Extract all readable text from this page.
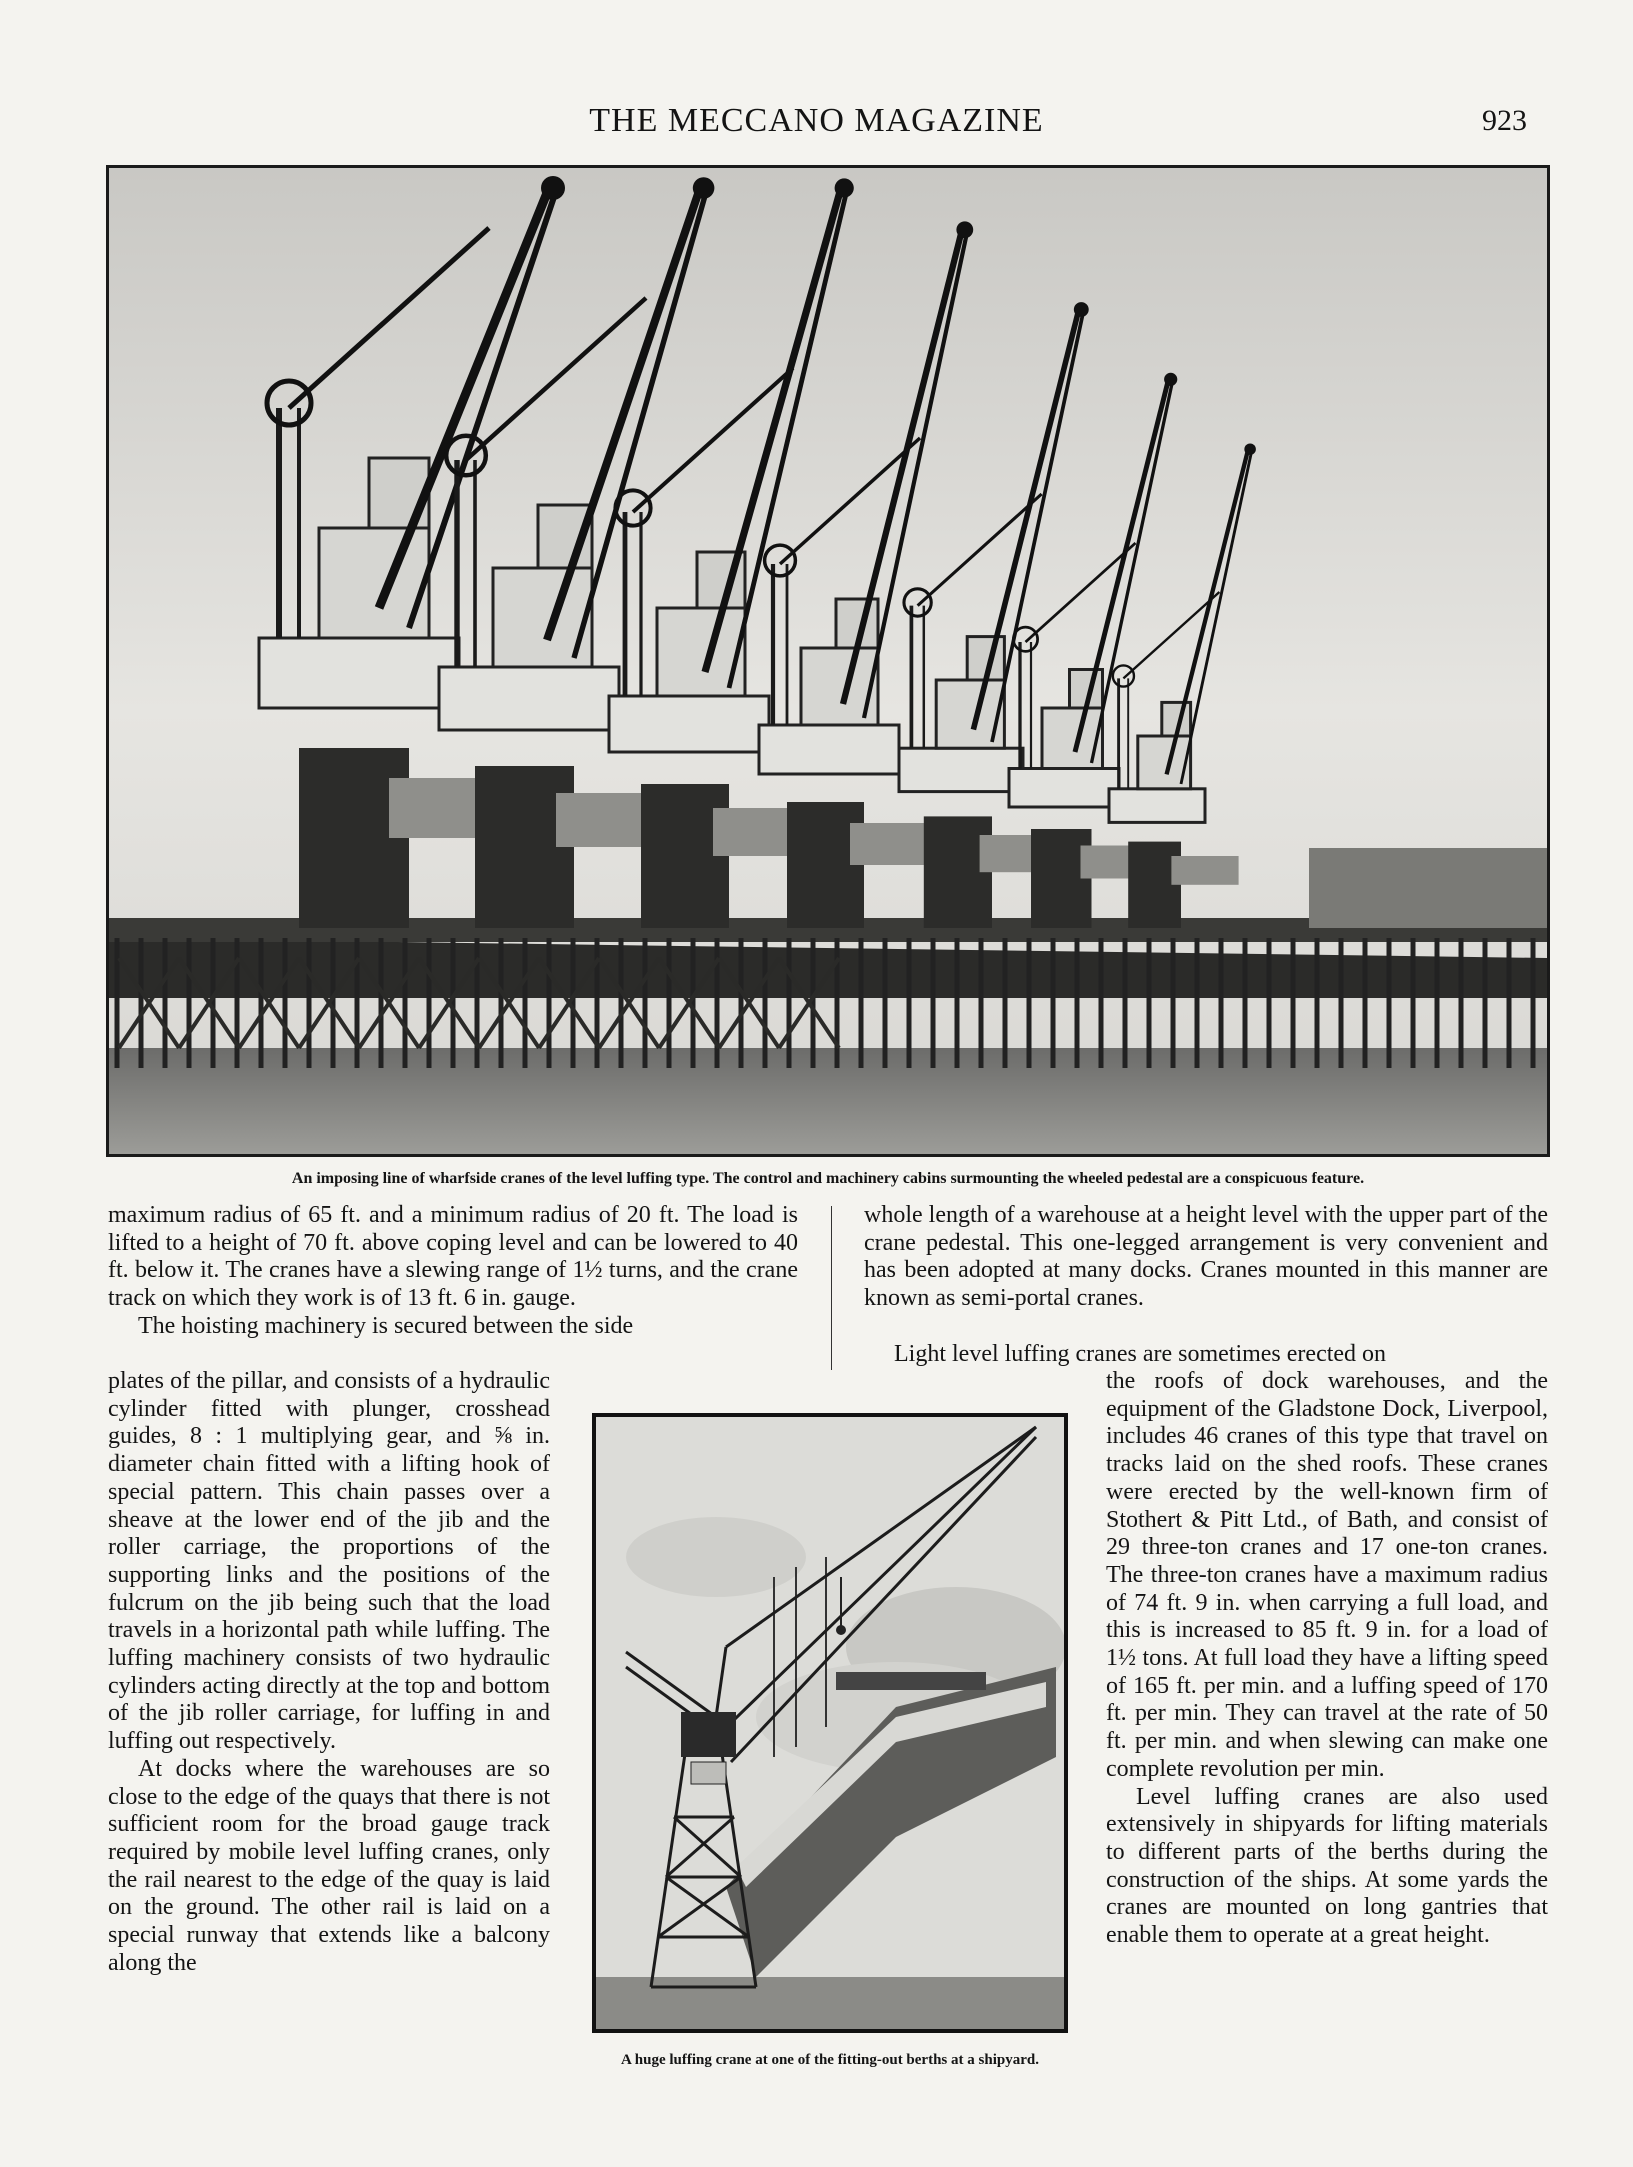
THE MECCANO MAGAZINE	923
An imposing line of wharfside cranes of the level luffing type. The control and machinery cabins surmounting the wheeled pedestal are a conspicuous feature.

maximum radius of 65 ft. and a minimum radius of 20 ft. The load is lifted to a height of 70 ft. above coping level and can be lowered to 40 ft. below it. The cranes have a slewing range of 1½ turns, and the crane track on which they work is of 13 ft. 6 in. gauge.

The hoisting machinery is secured between the side

whole length of a warehouse at a height level with the upper part of the crane pedestal. This one-legged arrangement is very convenient and has been adopted at many docks. Cranes mounted in this manner are known as semi-portal cranes.

Light level luffing cranes are sometimes erected on

plates of the pillar, and consists of a hydraulic cylinder fitted with plunger, crosshead guides, 8 : 1 multiplying gear, and ⅝ in. diameter chain fitted with a lifting hook of special pattern. This chain passes over a sheave at the lower end of the jib and the roller carriage, the proportions of the supporting links and the positions of the fulcrum on the jib being such that the load travels in a horizontal path while luffing. The luffing machinery consists of two hydraulic cylinders acting directly at the top and bottom of the jib roller carriage, for luffing in and luffing out respectively.

At docks where the warehouses are so close to the edge of the quays that there is not sufficient room for the broad gauge track required by mobile level luffing cranes, only the rail nearest to the edge of the quay is laid on the ground. The other rail is laid on a special runway that extends like a balcony along the

A huge luffing crane at one of the fitting-out berths at a shipyard.

the roofs of dock warehouses, and the equipment of the Gladstone Dock, Liverpool, includes 46 cranes of this type that travel on tracks laid on the shed roofs. These cranes were erected by the well-known firm of Stothert & Pitt Ltd., of Bath, and consist of 29 three-ton cranes and 17 one-ton cranes. The three-ton cranes have a maximum radius of 74 ft. 9 in. when carrying a full load, and this is increased to 85 ft. 9 in. for a load of 1½ tons. At full load they have a lifting speed of 165 ft. per min. and a luffing speed of 170 ft. per min. They can travel at the rate of 50 ft. per min. and when slewing can make one complete revolution per min.

Level luffing cranes are also used extensively in shipyards for lifting materials to different parts of the berths during the construction of the ships. At some yards the cranes are mounted on long gantries that enable them to operate at a great height.
